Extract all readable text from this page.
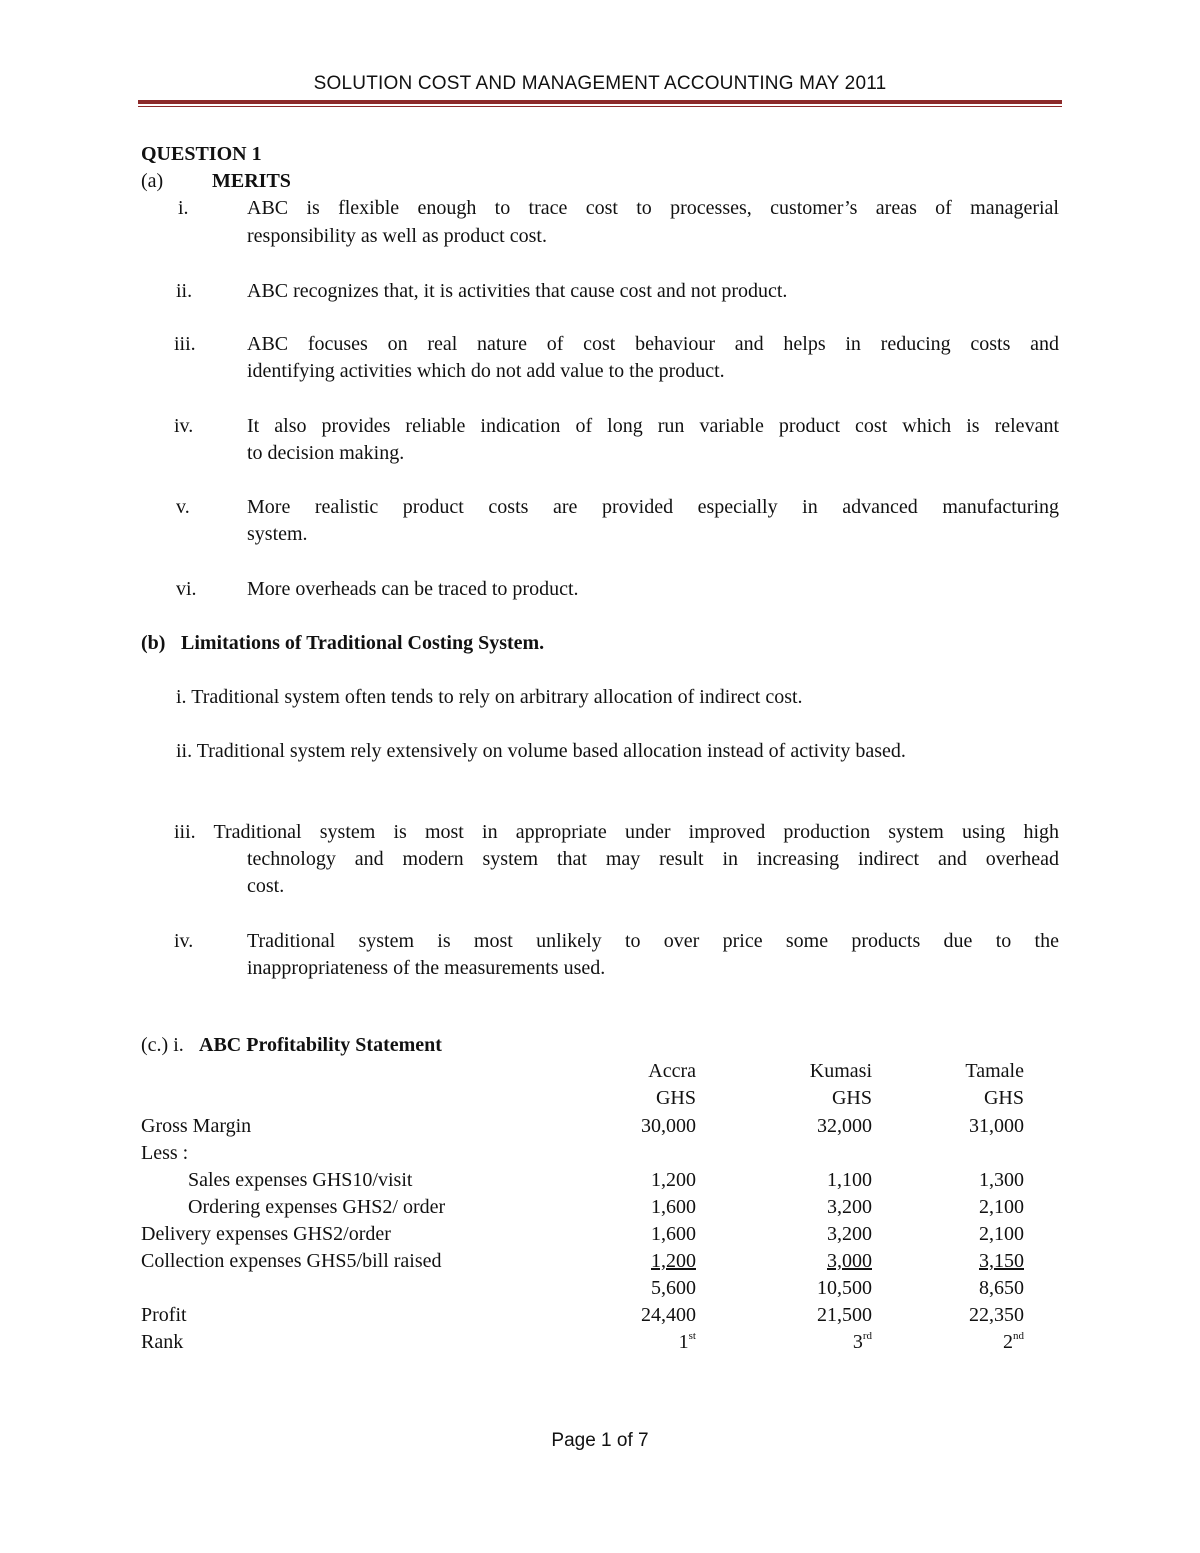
SOLUTION COST AND MANAGEMENT ACCOUNTING MAY 2011
QUESTION 1
(a) MERITS
i.	ABC is flexible enough to trace cost to processes, customer’s areas of managerial
responsibility as well as product cost.
ii.	ABC recognizes that, it is activities that cause cost and not product.
iii.	ABC focuses on real nature of cost behaviour and helps in reducing costs and
identifying activities which do not add value to the product.
iv.	It also provides reliable indication of long run variable product cost which is relevant
to decision making.
v.	More realistic product costs are provided especially in advanced manufacturing
system.
vi.	More overheads can be traced to product.
(b) Limitations of Traditional Costing System.
i. Traditional system often tends to rely on arbitrary allocation of indirect cost.
ii. Traditional system rely extensively on volume based allocation instead of activity based.
iii. Traditional system is most in appropriate under improved production system using high
technology and modern system that may result in increasing indirect and overhead
cost.
iv.	Traditional system is most unlikely to over price some products due to the
inappropriateness of the measurements used.
(c.) i. ABC Profitability Statement
Accra	Kumasi	Tamale
GHS	GHS	GHS
Gross Margin	30,000	32,000	31,000
Less :
Sales expenses GHS10/visit	1,200	1,100	1,300
Ordering expenses GHS2/ order	1,600	3,200	2,100
Delivery expenses GHS2/order	1,600	3,200	2,100
Collection expenses GHS5/bill raised	1,200	3,000	3,150
5,600	10,500	8,650
Profit	24,400	21,500	22,350
Rank	1st	3rd	2nd
Page 1 of 7
